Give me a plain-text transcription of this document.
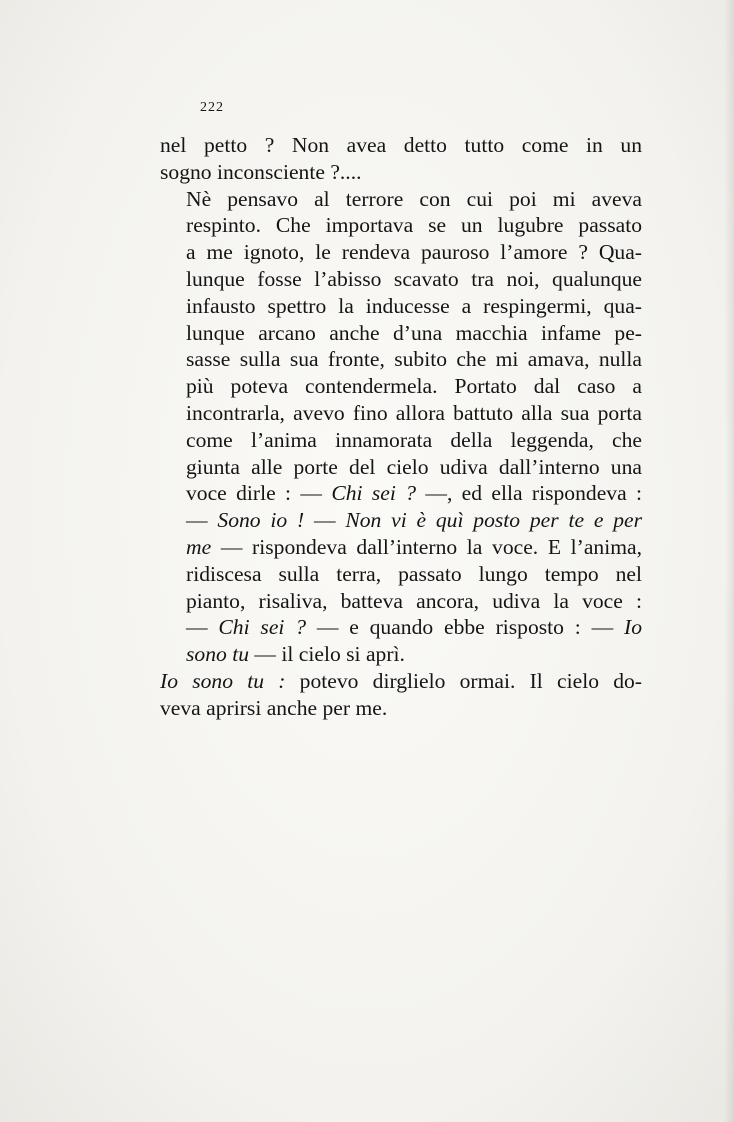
222

nel petto ? Non avea detto tutto come in un
sogno inconsciente ?....

Nè pensavo al terrore con cui poi mi aveva
respinto. Che importava se un lugubre passato
a me ignoto, le rendeva pauroso l’amore ? Qua-
lunque fosse l’abisso scavato tra noi, qualunque
infausto spettro la inducesse a respingermi, qua-
lunque arcano anche d’una macchia infame pe-
sasse sulla sua fronte, subito che mi amava, nulla
più poteva contendermela. Portato dal caso a
incontrarla, avevo fino allora battuto alla sua porta
come l’anima innamorata della leggenda, che
giunta alle porte del cielo udiva dall’interno una
voce dirle : — Chi sei ? —, ed ella rispondeva :
— Sono io ! — Non vi è quì posto per te e per
me — rispondeva dall’interno la voce. E l’anima,
ridiscesa sulla terra, passato lungo tempo nel
pianto, risaliva, batteva ancora, udiva la voce :
— Chi sei ? — e quando ebbe risposto : — Io
sono tu — il cielo si aprì.

Io sono tu : potevo dirglielo ormai. Il cielo do-
veva aprirsi anche per me.
